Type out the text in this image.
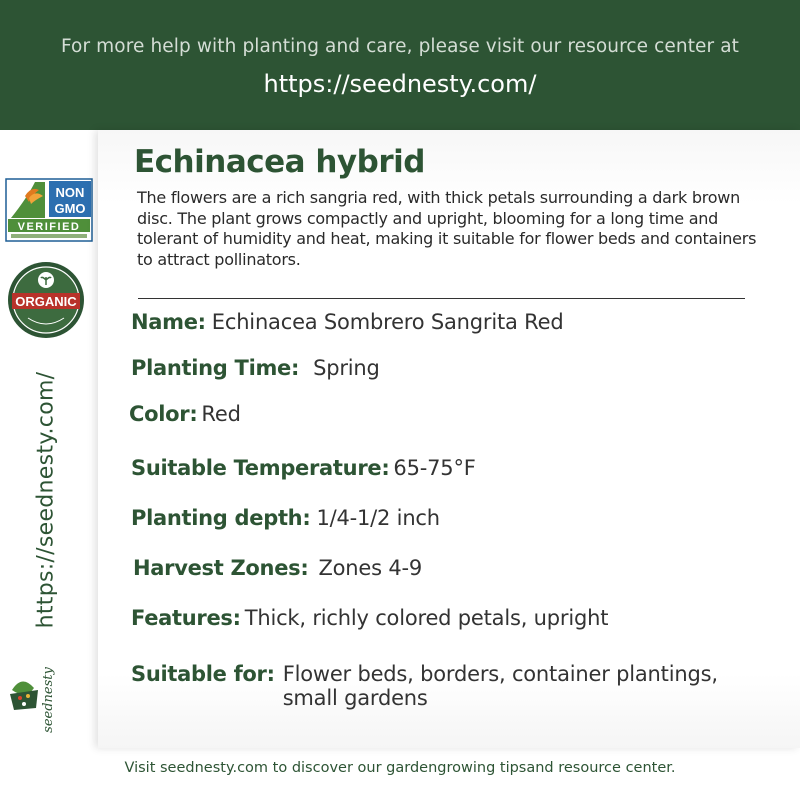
For more help with planting and care, please visit our resource center at
https://seednesty.com/
NON
GMO
VERIFIED
ORGANIC
https://seednesty.com/
seednesty
Echinacea hybrid
The flowers are a rich sangria red, with thick petals surrounding a dark brown disc. The plant grows compactly and upright, blooming for a long time and tolerant of humidity and heat, making it suitable for flower beds and containers to attract pollinators.
Name: Echinacea Sombrero Sangrita Red
Planting Time: Spring
Color: Red
Suitable Temperature: 65-75°F
Planting depth: 1/4-1/2 inch
Harvest Zones: Zones 4-9
Features: Thick, richly colored petals, upright
Suitable for: Flower beds, borders, container plantings, small gardens
Visit seednesty.com to discover our gardengrowing tipsand resource center.
